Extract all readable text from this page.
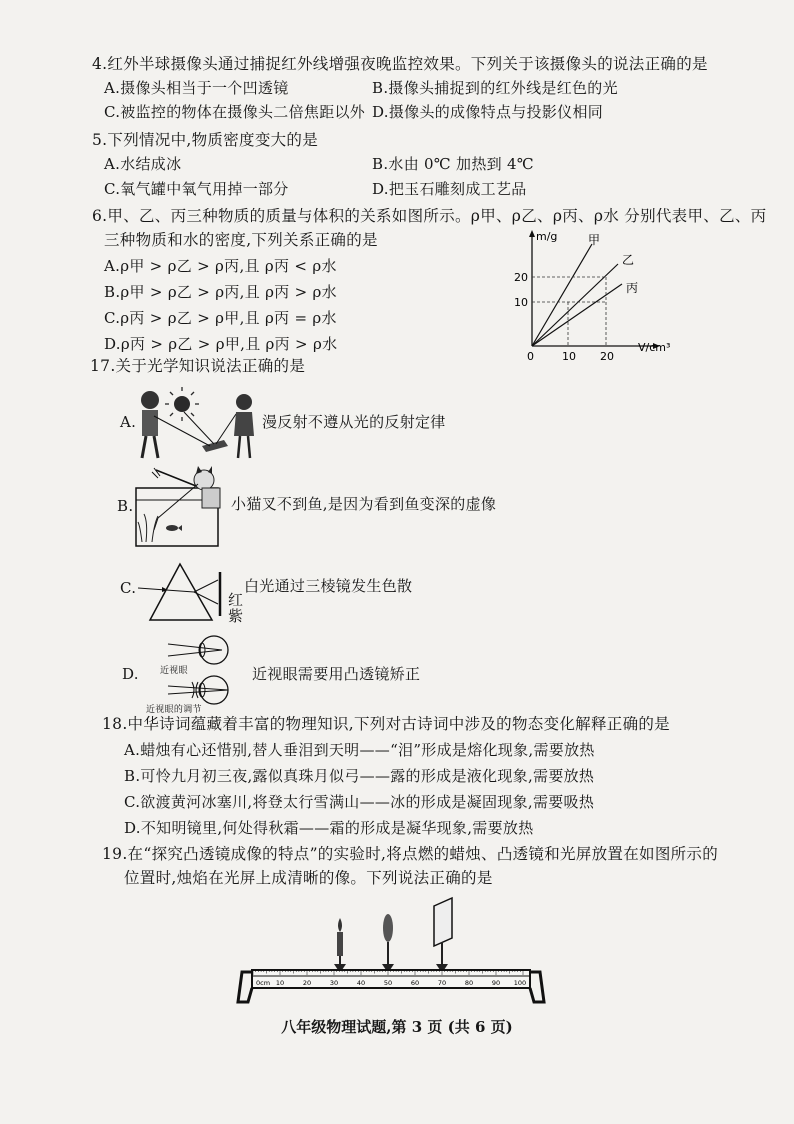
4.红外半球摄像头通过捕捉红外线增强夜晚监控效果。下列关于该摄像头的说法正确的是
A.摄像头相当于一个凹透镜	B.摄像头捕捉到的红外线是红色的光
C.被监控的物体在摄像头二倍焦距以外 D.摄像头的成像特点与投影仪相同
5.下列情况中,物质密度变大的是
A.水结成冰	B.水由 0℃ 加热到 4℃
C.氧气罐中氧气用掉一部分	D.把玉石雕刻成工艺品
6.甲、乙、丙三种物质的质量与体积的关系如图所示。ρ甲、ρ乙、ρ丙、ρ水 分别代表甲、乙、丙
三种物质和水的密度,下列关系正确的是
A.ρ甲 > ρ乙 > ρ丙,且 ρ丙 < ρ水
B.ρ甲 > ρ乙 > ρ丙,且 ρ丙 > ρ水
C.ρ丙 > ρ乙 > ρ甲,且 ρ丙 = ρ水
D.ρ丙 > ρ乙 > ρ甲,且 ρ丙 > ρ水
m/g
V/cm³
0	10 20
10
20
甲
乙
丙
17.关于光学知识说法正确的是
A.	漫反射不遵从光的反射定律
B.	小猫叉不到鱼,是因为看到鱼变深的虚像
C.	白光通过三棱镜发生色散
红
紫
D. 近视眼
近视眼的调节
近视眼需要用凸透镜矫正
18.中华诗词蕴藏着丰富的物理知识,下列对古诗词中涉及的物态变化解释正确的是
A.蜡烛有心还惜别,替人垂泪到天明——“泪”形成是熔化现象,需要放热
B.可怜九月初三夜,露似真珠月似弓——露的形成是液化现象,需要放热
C.欲渡黄河冰塞川,将登太行雪满山——冰的形成是凝固现象,需要吸热
D.不知明镜里,何处得秋霜——霜的形成是凝华现象,需要放热
19.在“探究凸透镜成像的特点”的实验时,将点燃的蜡烛、凸透镜和光屏放置在如图所示的
位置时,烛焰在光屏上成清晰的像。下列说法正确的是
0cm 10	20	30	40	50	60	70	80	90 100
八年级物理试题,第 3 页 (共 6 页)
